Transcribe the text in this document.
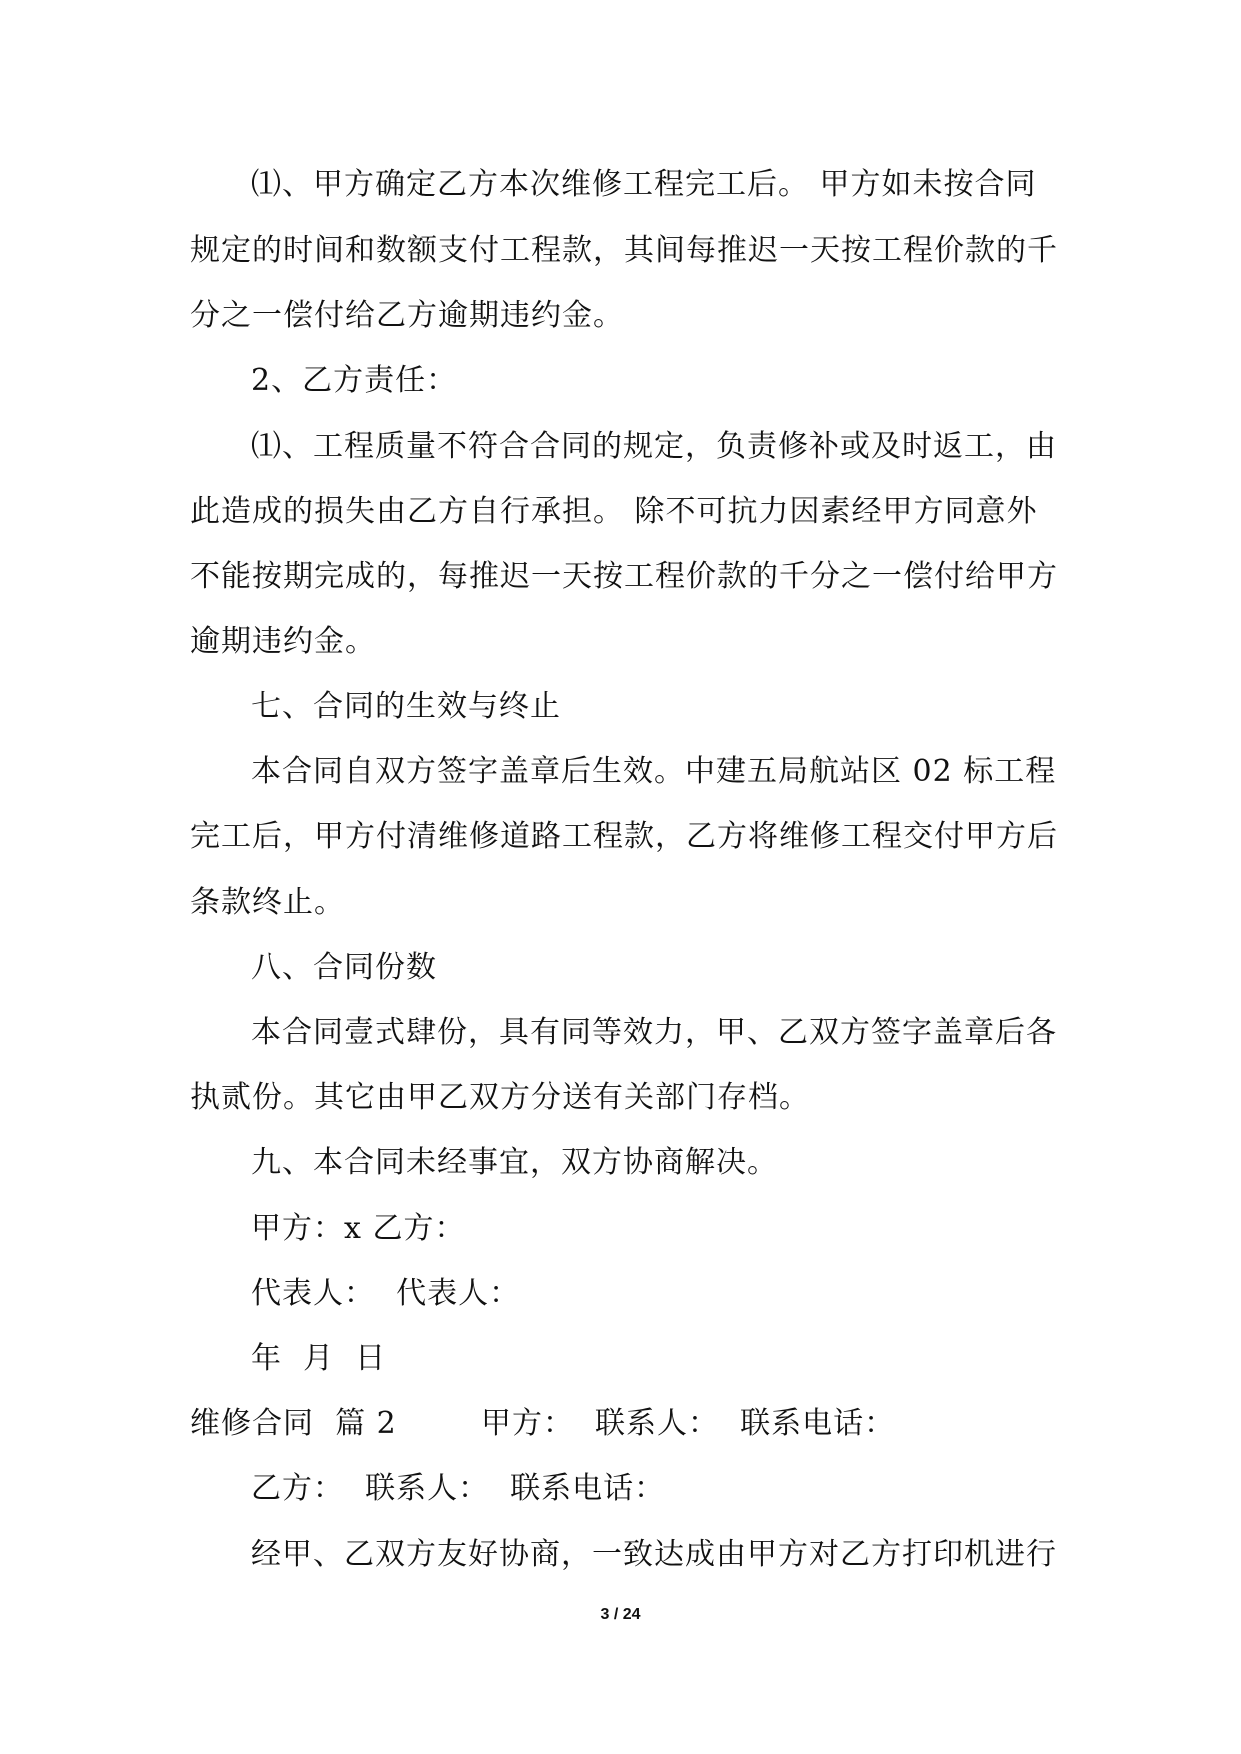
⑴、甲方确定乙方本次维修工程完工后。 甲方如未按合同
规定的时间和数额支付工程款，其间每推迟一天按工程价款的千
分之一偿付给乙方逾期违约金。
2、乙方责任：
⑴、工程质量不符合合同的规定，负责修补或及时返工，由
此造成的损失由乙方自行承担。 除不可抗力因素经甲方同意外
不能按期完成的，每推迟一天按工程价款的千分之一偿付给甲方
逾期违约金。
七、合同的生效与终止
本合同自双方签字盖章后生效。中建五局航站区 02 标工程
完工后，甲方付清维修道路工程款，乙方将维修工程交付甲方后
条款终止。
八、合同份数
本合同壹式肆份，具有同等效力，甲、乙双方签字盖章后各
执贰份。其它由甲乙双方分送有关部门存档。
九、本合同未经事宜，双方协商解决。
甲方：x 乙方：
代表人：  代表人：
年  月  日
维修合同  篇 2        甲方：  联系人：  联系电话：
乙方：  联系人：  联系电话：
经甲、乙双方友好协商，一致达成由甲方对乙方打印机进行
3 / 24
